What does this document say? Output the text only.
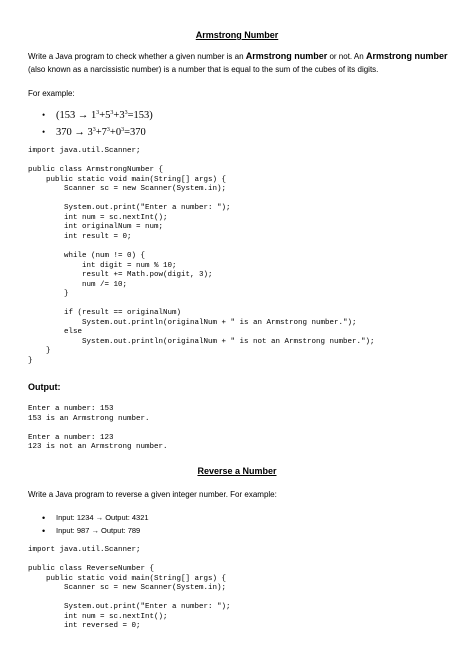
Armstrong Number
Write a Java program to check whether a given number is an Armstrong number or not. An Armstrong number (also known as a narcissistic number) is a number that is equal to the sum of the cubes of its digits.
For example:
• $(153 \to 1^3+5^3+3^3=153)$
• $370 \to 3^3+7^3+0^3=370$
import java.util.Scanner;

public class ArmstrongNumber {
public static void main(String[] args) {
Scanner sc = new Scanner(System.in);

System.out.print("Enter a number: ");
int num = sc.nextInt();
int originalNum = num;
int result = 0;

while (num != 0) {
int digit = num % 10;
result += Math.pow(digit, 3);
num /= 10;
}

if (result == originalNum)
System.out.println(originalNum + " is an Armstrong number.");
else
System.out.println(originalNum + " is not an Armstrong number.");
}
}
Output:
Enter a number: 153
153 is an Armstrong number.

Enter a number: 123
123 is not an Armstrong number.
Reverse a Number
Write a Java program to reverse a given integer number. For example:
• Input: 1234 → Output: 4321
• Input: 987 → Output: 789
import java.util.Scanner;

public class ReverseNumber {
public static void main(String[] args) {
Scanner sc = new Scanner(System.in);

System.out.print("Enter a number: ");
int num = sc.nextInt();
int reversed = 0;
